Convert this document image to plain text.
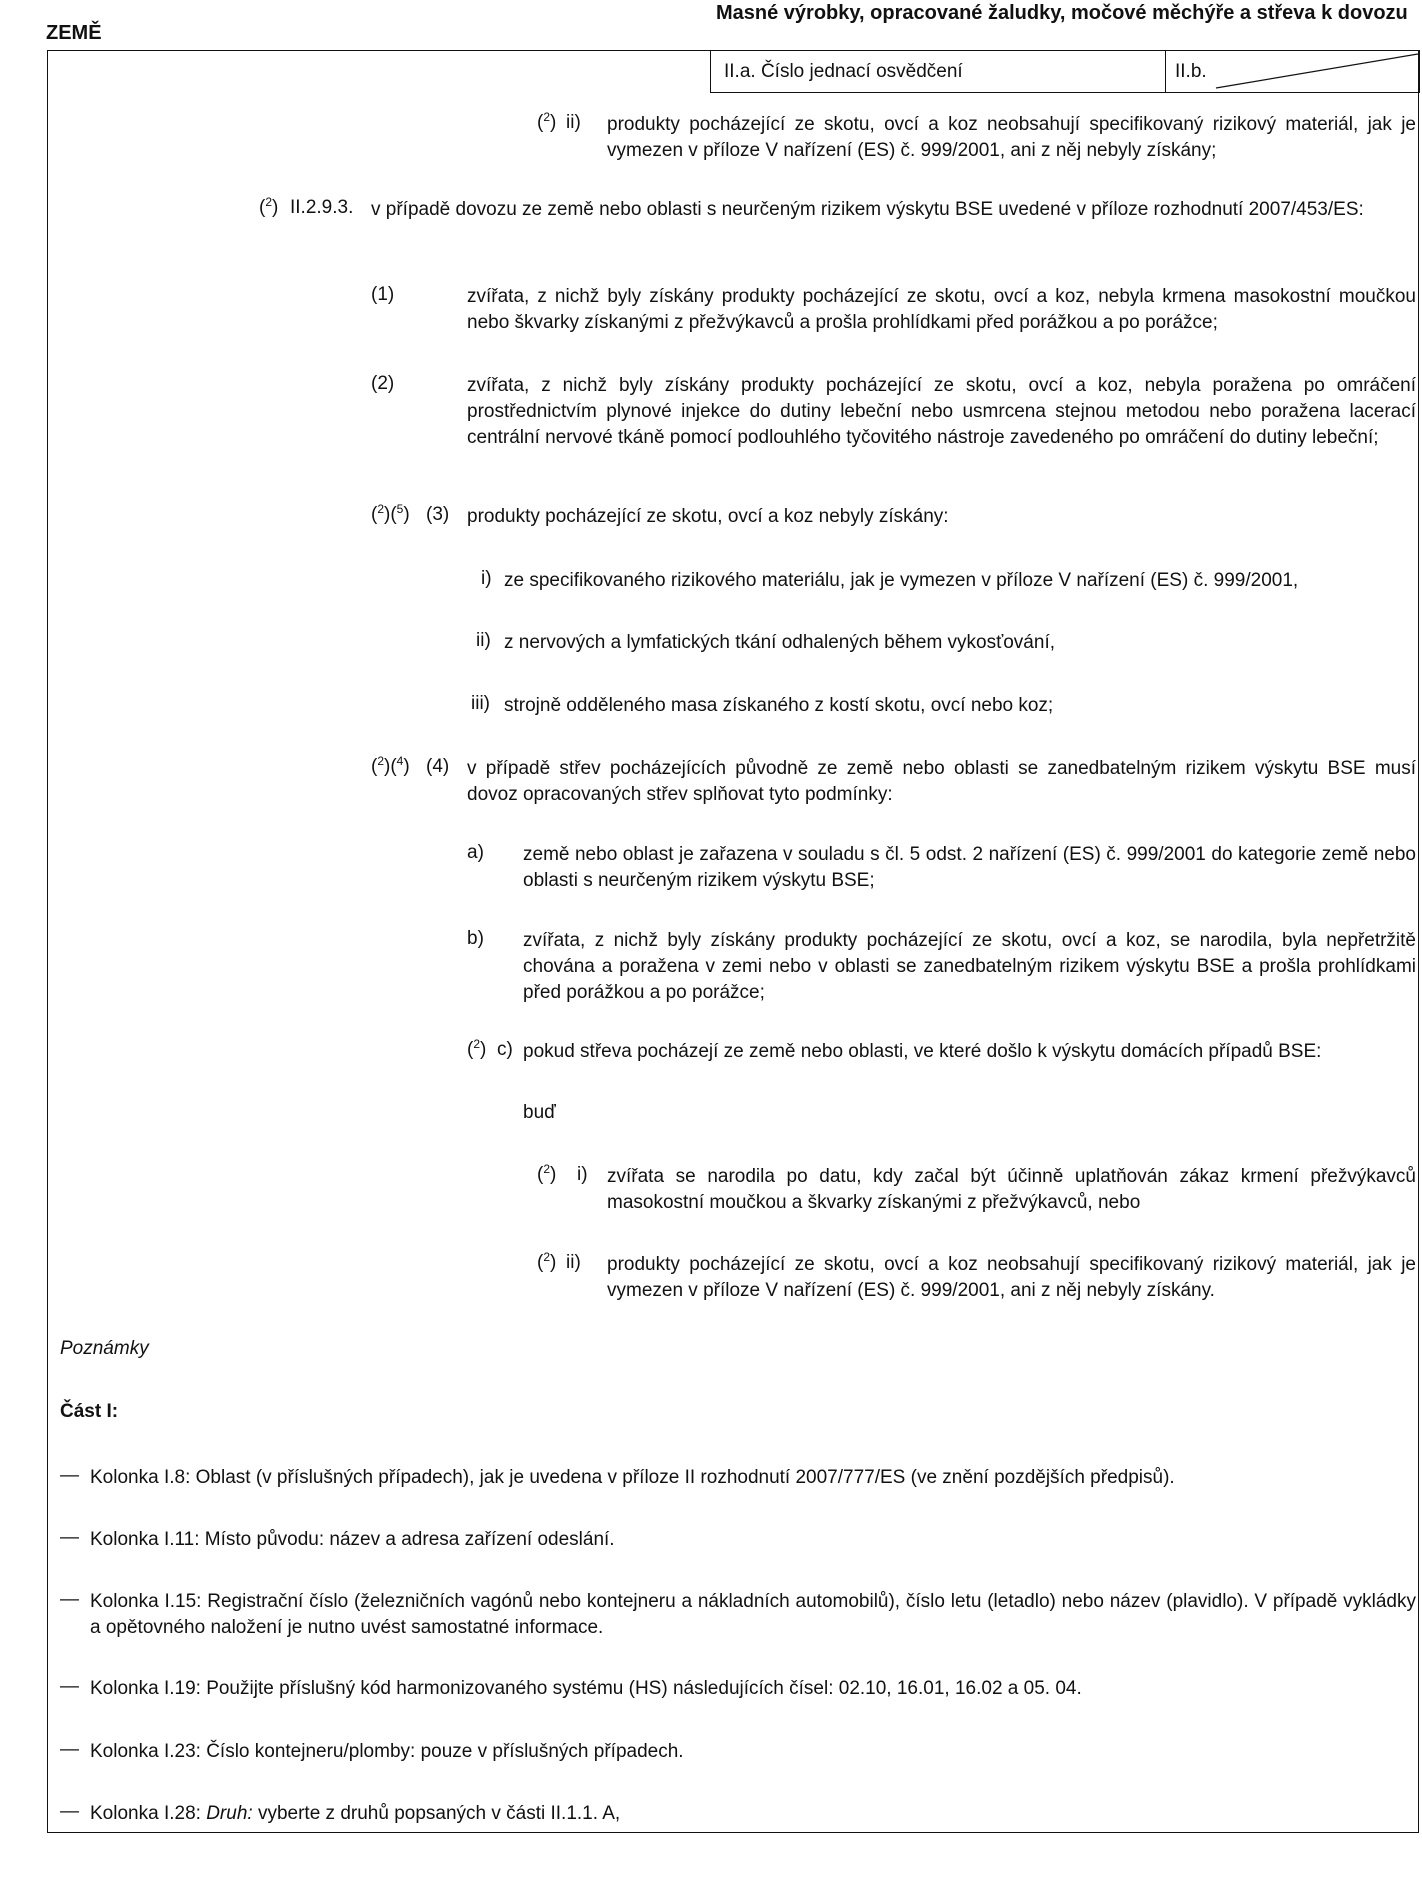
ZEMĚ
Masné výrobky, opracované žaludky, močové měchýře a střeva k dovozu
II.a. Číslo jednací osvědčení	II.b.
($^2$) ii) produkty pocházející ze skotu, ovcí a koz neobsahují specifikovaný rizikový materiál, jak je vymezen v příloze V nařízení (ES) č. 999/2001, ani z něj nebyly získány;
($^2$) II.2.9.3. v případě dovozu ze země nebo oblasti s neurčeným rizikem výskytu BSE uvedené v příloze rozhodnutí 2007/453/ES:
(1)	zvířata, z nichž byly získány produkty pocházející ze skotu, ovcí a koz, nebyla krmena masokostní moučkou nebo škvarky získanými z přežvýkavců a prošla prohlídkami před porážkou a po porážce;
(2)	zvířata, z nichž byly získány produkty pocházející ze skotu, ovcí a koz, nebyla poražena po omráčení prostřednictvím plynové injekce do dutiny lebeční nebo usmrcena stejnou metodou nebo poražena lacerací centrální nervové tkáně pomocí podlouhlého tyčovitého nástroje zavedeného po omráčení do dutiny lebeční;
($^2$)($^5$) (3) produkty pocházející ze skotu, ovcí a koz nebyly získány:
i) ze specifikovaného rizikového materiálu, jak je vymezen v příloze V nařízení (ES) č. 999/2001,
ii) z nervových a lymfatických tkání odhalených během vykosťování,
iii) strojně odděleného masa získaného z kostí skotu, ovcí nebo koz;
($^2$)($^4$) (4) v případě střev pocházejících původně ze země nebo oblasti se zanedbatelným rizikem výskytu BSE musí dovoz opracovaných střev splňovat tyto podmínky:
a) země nebo oblast je zařazena v souladu s čl. 5 odst. 2 nařízení (ES) č. 999/2001 do kategorie země nebo oblasti s neurčeným rizikem výskytu BSE;
b) zvířata, z nichž byly získány produkty pocházející ze skotu, ovcí a koz, se narodila, byla nepřetržitě chována a poražena v zemi nebo v oblasti se zanedbatelným rizikem výskytu BSE a prošla prohlídkami před porážkou a po porážce;
($^2$) c) pokud střeva pocházejí ze země nebo oblasti, ve které došlo k výskytu domácích případů BSE:
buď
($^2$) i) zvířata se narodila po datu, kdy začal být účinně uplatňován zákaz krmení přežvýkavců masokostní moučkou a škvarky získanými z přežvýkavců, nebo
($^2$) ii) produkty pocházející ze skotu, ovcí a koz neobsahují specifikovaný rizikový materiál, jak je vymezen v příloze V nařízení (ES) č. 999/2001, ani z něj nebyly získány.
Poznámky
Část I:
— Kolonka I.8: Oblast (v příslušných případech), jak je uvedena v příloze II rozhodnutí 2007/777/ES (ve znění pozdějších předpisů).
— Kolonka I.11: Místo původu: název a adresa zařízení odeslání.
— Kolonka I.15: Registrační číslo (železničních vagónů nebo kontejneru a nákladních automobilů), číslo letu (letadlo) nebo název (plavidlo). V případě vykládky a opětovného naložení je nutno uvést samostatné informace.
— Kolonka I.19: Použijte příslušný kód harmonizovaného systému (HS) následujících čísel: 02.10, 16.01, 16.02 a 05. 04.
— Kolonka I.23: Číslo kontejneru/plomby: pouze v příslušných případech.
— Kolonka I.28: Druh: vyberte z druhů popsaných v části II.1.1. A,
